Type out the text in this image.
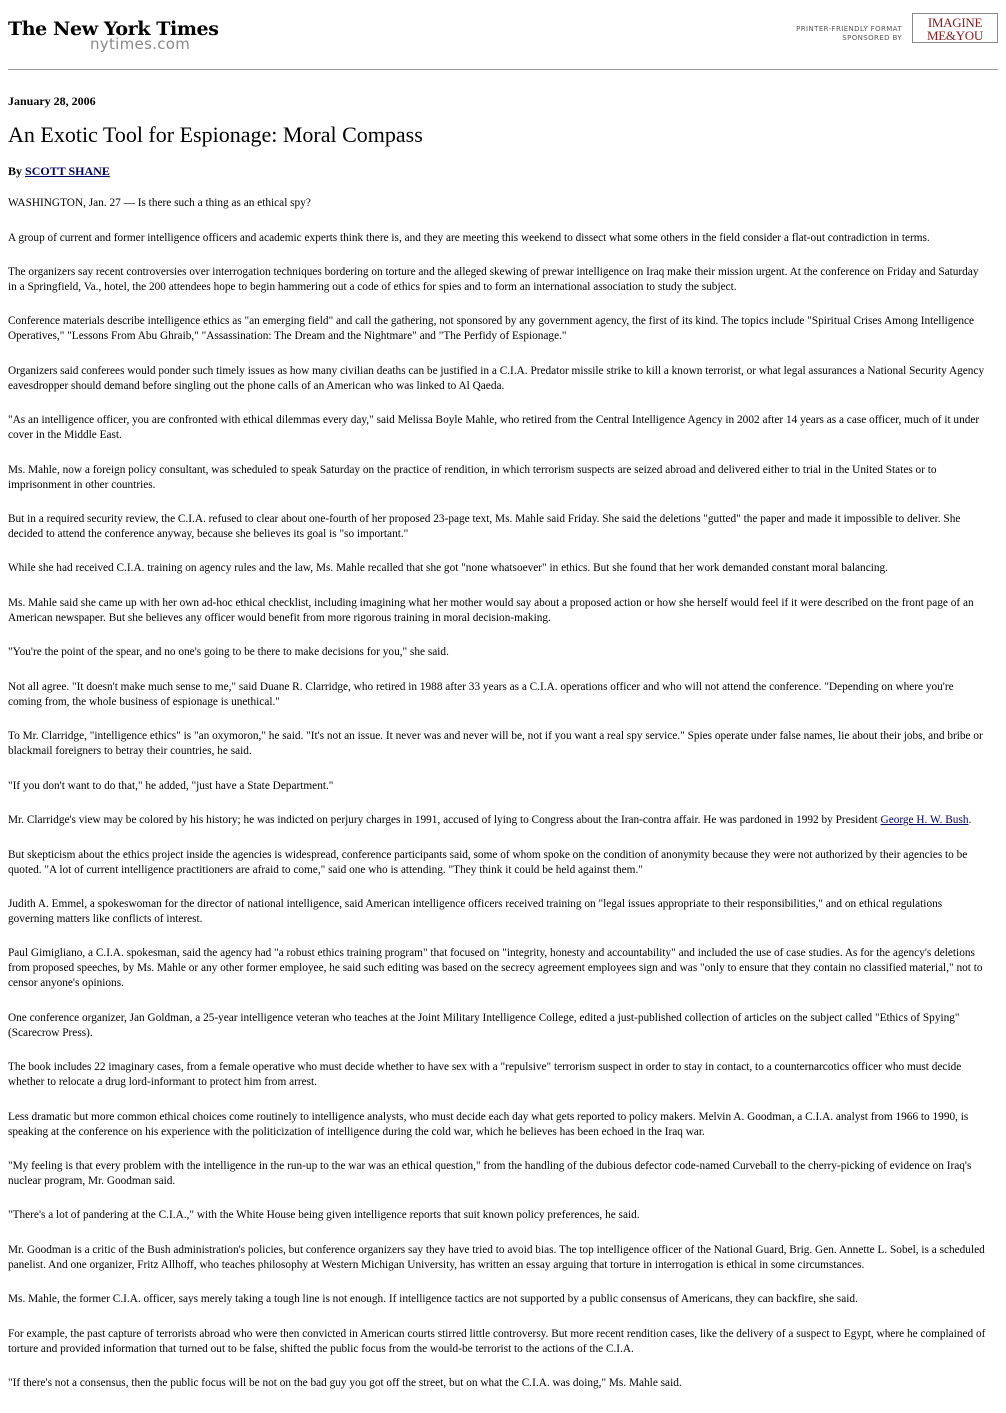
The New York Times
nytimes.com
PRINTER-FRIENDLY FORMAT
SPONSORED BY
IMAGINE
ME&YOU
January 28, 2006
An Exotic Tool for Espionage: Moral Compass
By SCOTT SHANE

WASHINGTON, Jan. 27 — Is there such a thing as an ethical spy?

A group of current and former intelligence officers and academic experts think there is, and they are meeting this weekend to dissect what some others in the field consider a flat-out contradiction in terms.

The organizers say recent controversies over interrogation techniques bordering on torture and the alleged skewing of prewar intelligence on Iraq make their mission urgent. At the conference on Friday and Saturday in a Springfield, Va., hotel, the 200 attendees hope to begin hammering out a code of ethics for spies and to form an international association to study the subject.

Conference materials describe intelligence ethics as "an emerging field" and call the gathering, not sponsored by any government agency, the first of its kind. The topics include "Spiritual Crises Among Intelligence Operatives," "Lessons From Abu Ghraib," "Assassination: The Dream and the Nightmare" and "The Perfidy of Espionage."

Organizers said conferees would ponder such timely issues as how many civilian deaths can be justified in a C.I.A. Predator missile strike to kill a known terrorist, or what legal assurances a National Security Agency eavesdropper should demand before singling out the phone calls of an American who was linked to Al Qaeda.

"As an intelligence officer, you are confronted with ethical dilemmas every day," said Melissa Boyle Mahle, who retired from the Central Intelligence Agency in 2002 after 14 years as a case officer, much of it under cover in the Middle East.

Ms. Mahle, now a foreign policy consultant, was scheduled to speak Saturday on the practice of rendition, in which terrorism suspects are seized abroad and delivered either to trial in the United States or to imprisonment in other countries.

But in a required security review, the C.I.A. refused to clear about one-fourth of her proposed 23-page text, Ms. Mahle said Friday. She said the deletions "gutted" the paper and made it impossible to deliver. She decided to attend the conference anyway, because she believes its goal is "so important."

While she had received C.I.A. training on agency rules and the law, Ms. Mahle recalled that she got "none whatsoever" in ethics. But she found that her work demanded constant moral balancing.

Ms. Mahle said she came up with her own ad-hoc ethical checklist, including imagining what her mother would say about a proposed action or how she herself would feel if it were described on the front page of an American newspaper. But she believes any officer would benefit from more rigorous training in moral decision-making.

"You're the point of the spear, and no one's going to be there to make decisions for you," she said.

Not all agree. "It doesn't make much sense to me," said Duane R. Clarridge, who retired in 1988 after 33 years as a C.I.A. operations officer and who will not attend the conference. "Depending on where you're coming from, the whole business of espionage is unethical."

To Mr. Clarridge, "intelligence ethics" is "an oxymoron," he said. "It's not an issue. It never was and never will be, not if you want a real spy service." Spies operate under false names, lie about their jobs, and bribe or blackmail foreigners to betray their countries, he said.

"If you don't want to do that," he added, "just have a State Department."

Mr. Clarridge's view may be colored by his history; he was indicted on perjury charges in 1991, accused of lying to Congress about the Iran-contra affair. He was pardoned in 1992 by President George H. W. Bush.

But skepticism about the ethics project inside the agencies is widespread, conference participants said, some of whom spoke on the condition of anonymity because they were not authorized by their agencies to be quoted. "A lot of current intelligence practitioners are afraid to come," said one who is attending. "They think it could be held against them."

Judith A. Emmel, a spokeswoman for the director of national intelligence, said American intelligence officers received training on "legal issues appropriate to their responsibilities," and on ethical regulations governing matters like conflicts of interest.

Paul Gimigliano, a C.I.A. spokesman, said the agency had "a robust ethics training program" that focused on "integrity, honesty and accountability" and included the use of case studies. As for the agency's deletions from proposed speeches, by Ms. Mahle or any other former employee, he said such editing was based on the secrecy agreement employees sign and was "only to ensure that they contain no classified material," not to censor anyone's opinions.

One conference organizer, Jan Goldman, a 25-year intelligence veteran who teaches at the Joint Military Intelligence College, edited a just-published collection of articles on the subject called "Ethics of Spying" (Scarecrow Press).

The book includes 22 imaginary cases, from a female operative who must decide whether to have sex with a "repulsive" terrorism suspect in order to stay in contact, to a counternarcotics officer who must decide whether to relocate a drug lord-informant to protect him from arrest.

Less dramatic but more common ethical choices come routinely to intelligence analysts, who must decide each day what gets reported to policy makers. Melvin A. Goodman, a C.I.A. analyst from 1966 to 1990, is speaking at the conference on his experience with the politicization of intelligence during the cold war, which he believes has been echoed in the Iraq war.

"My feeling is that every problem with the intelligence in the run-up to the war was an ethical question," from the handling of the dubious defector code-named Curveball to the cherry-picking of evidence on Iraq's nuclear program, Mr. Goodman said.

"There's a lot of pandering at the C.I.A.," with the White House being given intelligence reports that suit known policy preferences, he said.

Mr. Goodman is a critic of the Bush administration's policies, but conference organizers say they have tried to avoid bias. The top intelligence officer of the National Guard, Brig. Gen. Annette L. Sobel, is a scheduled panelist. And one organizer, Fritz Allhoff, who teaches philosophy at Western Michigan University, has written an essay arguing that torture in interrogation is ethical in some circumstances.

Ms. Mahle, the former C.I.A. officer, says merely taking a tough line is not enough. If intelligence tactics are not supported by a public consensus of Americans, they can backfire, she said.

For example, the past capture of terrorists abroad who were then convicted in American courts stirred little controversy. But more recent rendition cases, like the delivery of a suspect to Egypt, where he complained of torture and provided information that turned out to be false, shifted the public focus from the would-be terrorist to the actions of the C.I.A.

"If there's not a consensus, then the public focus will be not on the bad guy you got off the street, but on what the C.I.A. was doing," Ms. Mahle said.
